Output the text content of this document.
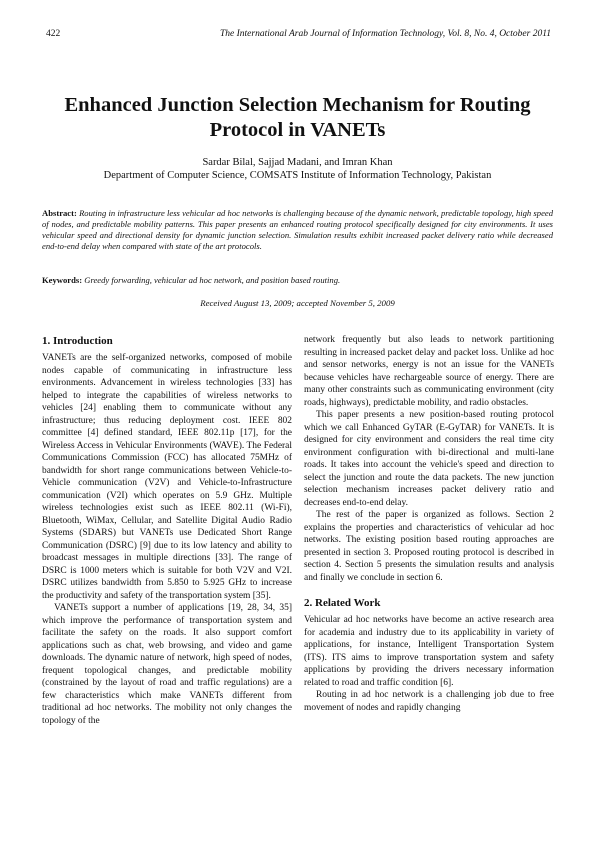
422	The International Arab Journal of Information Technology, Vol. 8, No. 4, October 2011
Enhanced Junction Selection Mechanism for Routing Protocol in VANETs
Sardar Bilal, Sajjad Madani, and Imran Khan
Department of Computer Science, COMSATS Institute of Information Technology, Pakistan

Abstract: Routing in infrastructure less vehicular ad hoc networks is challenging because of the dynamic network, predictable topology, high speed of nodes, and predictable mobility patterns. This paper presents an enhanced routing protocol specifically designed for city environments. It uses vehicular speed and directional density for dynamic junction selection. Simulation results exhibit increased packet delivery ratio while decreased end-to-end delay when compared with state of the art protocols.

Keywords: Greedy forwarding, vehicular ad hoc network, and position based routing.

Received August 13, 2009; accepted November 5, 2009
1. Introduction

VANETs are the self-organized networks, composed of mobile nodes capable of communicating in infrastructure less environments. Advancement in wireless technologies [33] has helped to integrate the capabilities of wireless networks to vehicles [24] enabling them to communicate without any infrastructure; thus reducing deployment cost. IEEE 802 committee [4] defined standard, IEEE 802.11p [17], for the Wireless Access in Vehicular Environments (WAVE). The Federal Communications Commission (FCC) has allocated 75MHz of bandwidth for short range communications between Vehicle-to-Vehicle communication (V2V) and Vehicle-to-Infrastructure communication (V2I) which operates on 5.9 GHz. Multiple wireless technologies exist such as IEEE 802.11 (Wi-Fi), Bluetooth, WiMax, Cellular, and Satellite Digital Audio Radio Systems (SDARS) but VANETs use Dedicated Short Range Communication (DSRC) [9] due to its low latency and ability to broadcast messages in multiple directions [33]. The range of DSRC is 1000 meters which is suitable for both V2V and V2I. DSRC utilizes bandwidth from 5.850 to 5.925 GHz to increase the productivity and safety of the transportation system [35].

VANETs support a number of applications [19, 28, 34, 35] which improve the performance of transportation system and facilitate the safety on the roads. It also support comfort applications such as chat, web browsing, and video and game downloads. The dynamic nature of network, high speed of nodes, frequent topological changes, and predictable mobility (constrained by the layout of road and traffic regulations) are a few characteristics which make VANETs different from traditional ad hoc networks. The mobility not only changes the topology of the

network frequently but also leads to network partitioning resulting in increased packet delay and packet loss. Unlike ad hoc and sensor networks, energy is not an issue for the VANETs because vehicles have rechargeable source of energy. There are many other constraints such as communicating environment (city roads, highways), predictable mobility, and radio obstacles.

This paper presents a new position-based routing protocol which we call Enhanced GyTAR (E-GyTAR) for VANETs. It is designed for city environment and considers the real time city environment configuration with bi-directional and multi-lane roads. It takes into account the vehicle's speed and direction to select the junction and route the data packets. The new junction selection mechanism increases packet delivery ratio and decreases end-to-end delay.

The rest of the paper is organized as follows. Section 2 explains the properties and characteristics of vehicular ad hoc networks. The existing position based routing approaches are presented in section 3. Proposed routing protocol is described in section 4. Section 5 presents the simulation results and analysis and finally we conclude in section 6.

2. Related Work

Vehicular ad hoc networks have become an active research area for academia and industry due to its applicability in variety of applications, for instance, Intelligent Transportation System (ITS). ITS aims to improve transportation system and safety applications by providing the drivers necessary information related to road and traffic condition [6].

Routing in ad hoc network is a challenging job due to free movement of nodes and rapidly changing
